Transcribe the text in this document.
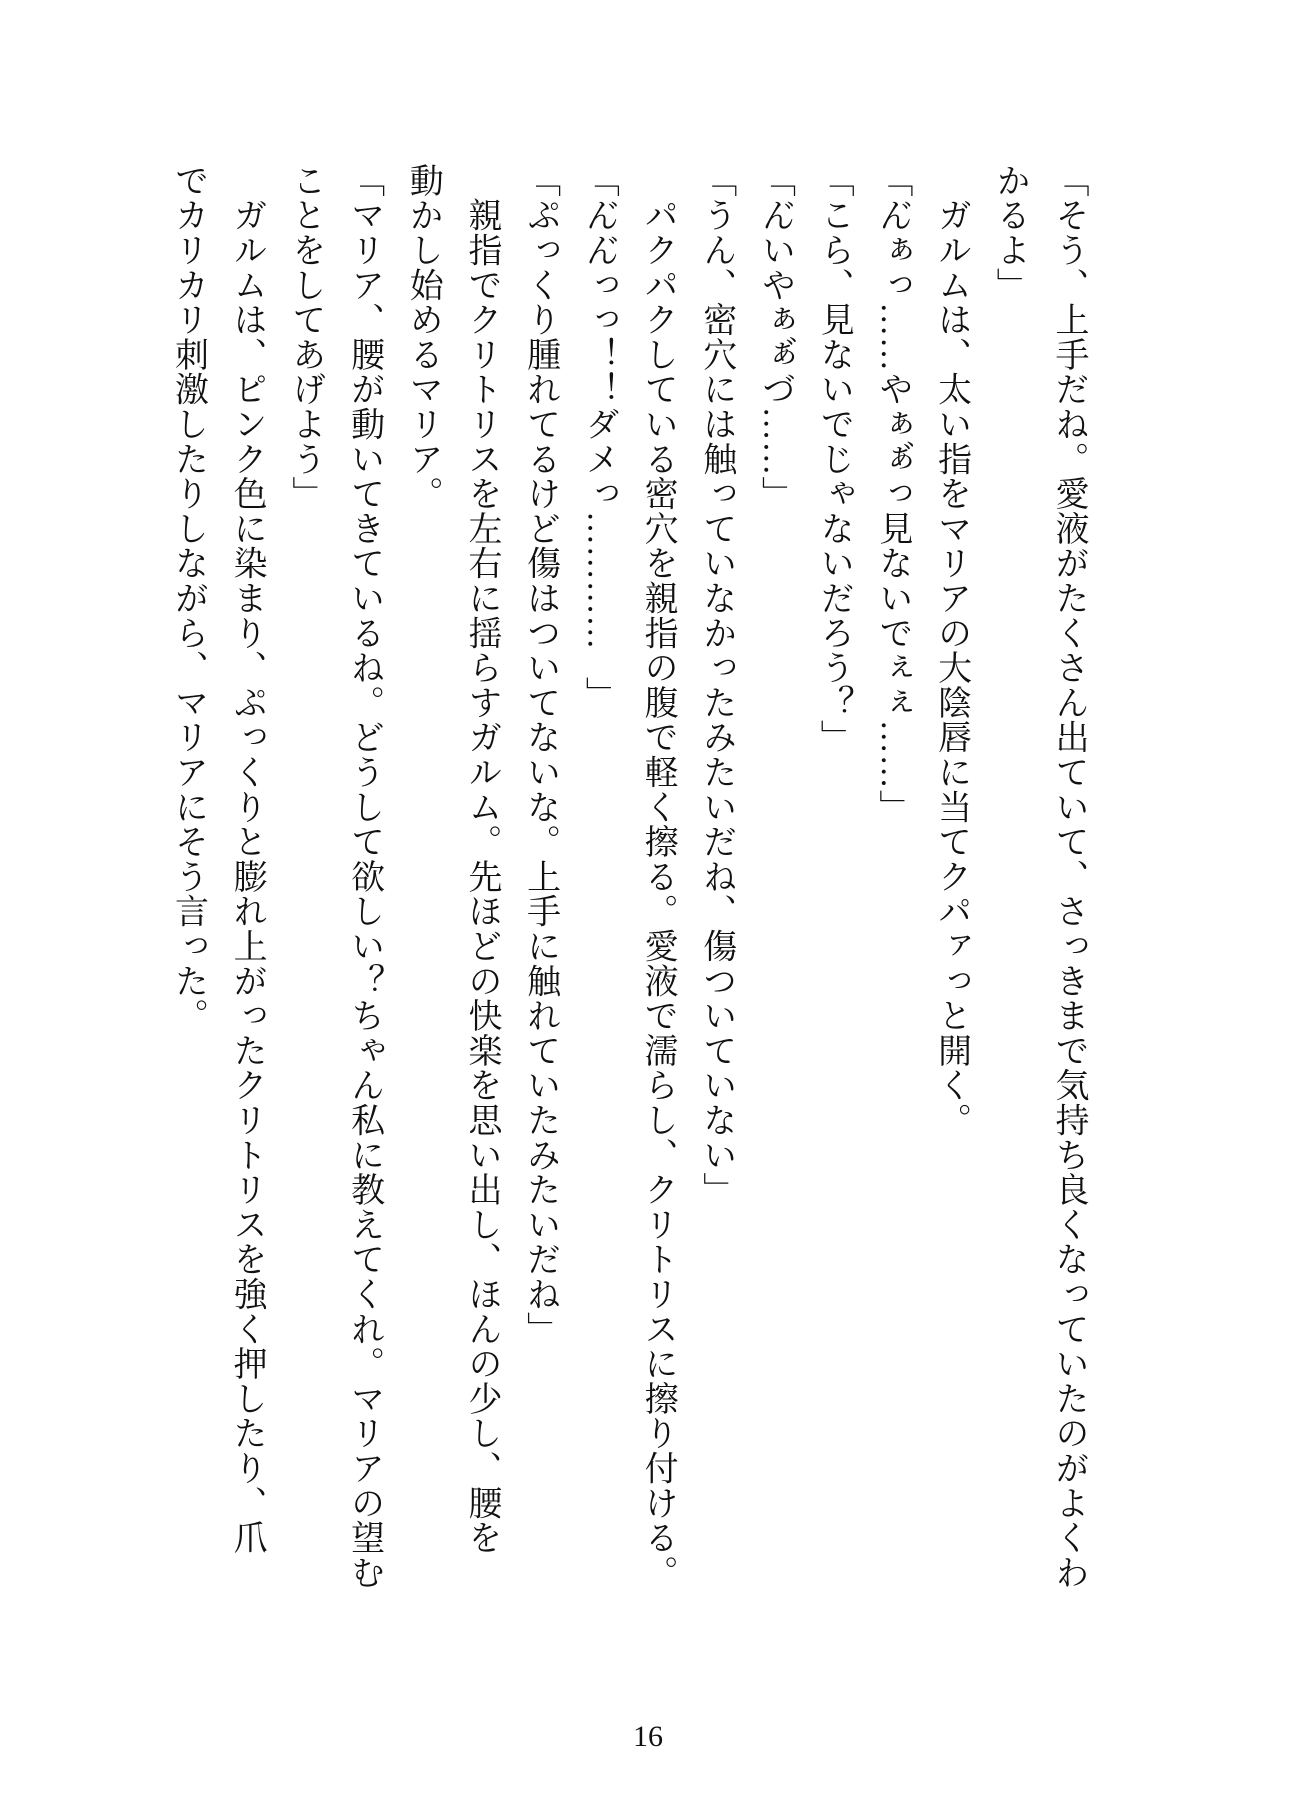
「そう、上手だね。愛液がたくさん出ていて、さっきまで気持ち良くなっていたのがよくわ
かるよ」
　ガルムは、太い指をマリアの大陰唇に当てクパァっと開く。
「ん゙ぁっ……やぁぁ゙っ見ないでぇぇ……」
「こら、見ないでじゃないだろう？」
「ん゙いやぁぁ゙づ……」
「うん、密穴には触っていなかったみたいだね、傷ついていない」
　パクパクしている密穴を親指の腹で軽く擦る。愛液で濡らし、クリトリスに擦り付ける。
「ん゙ん゙っっ！！ダメっ…………゙」
「ぷっくり腫れてるけど傷はついてないな。上手に触れていたみたいだね」
　親指でクリトリスを左右に揺らすガルム。先ほどの快楽を思い出し、ほんの少し、腰を
動かし始めるマリア。
「マリア、腰が動いてきているね。どうして欲しい？ちゃん私に教えてくれ。マリアの望む
ことをしてあげよう」
　ガルムは、ピンク色に染まり、ぷっくりと膨れ上がったクリトリスを強く押したり、爪
でカリカリ刺激したりしながら、マリアにそう言った。
16
